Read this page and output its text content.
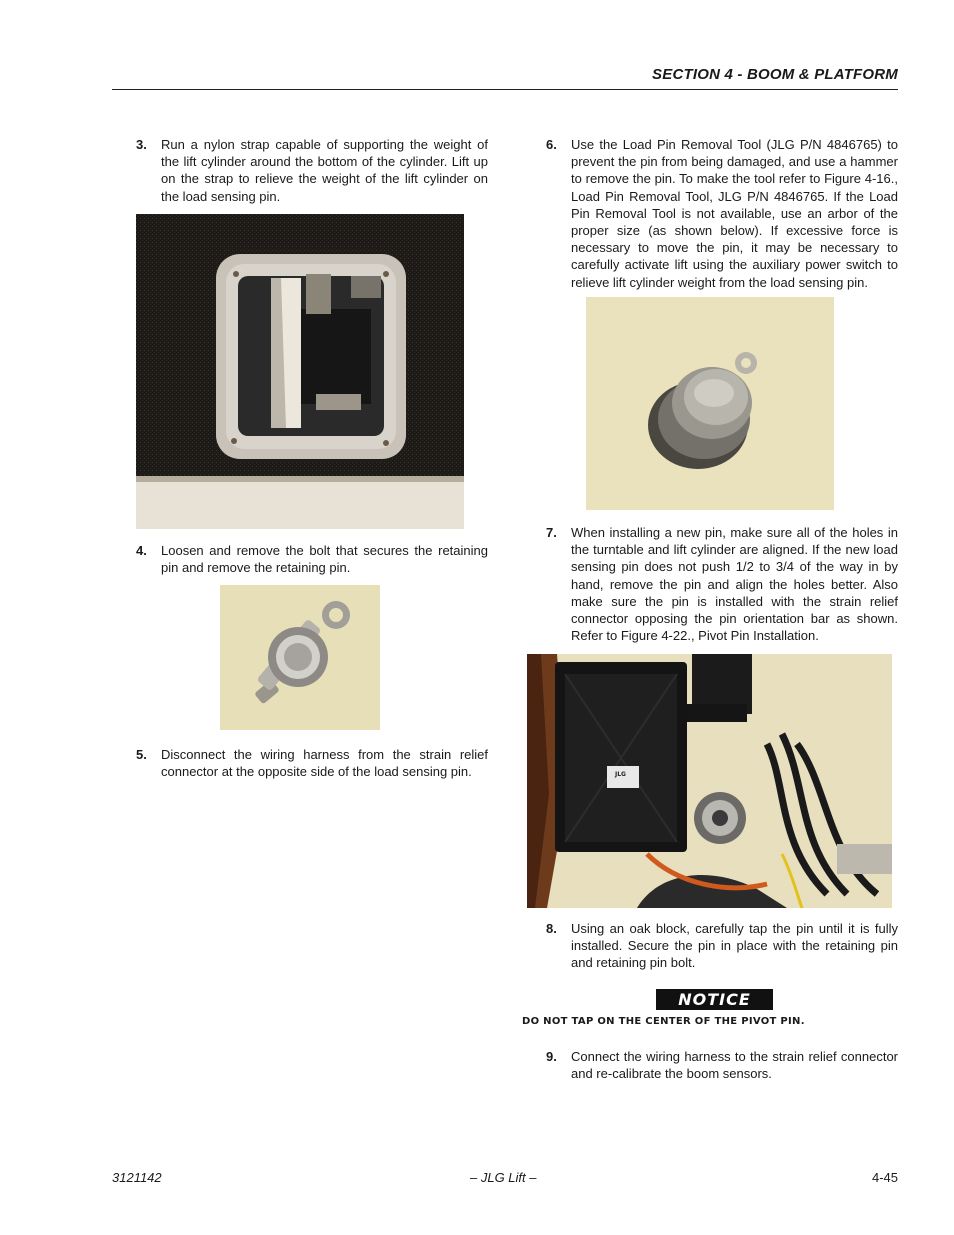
SECTION 4 - BOOM & PLATFORM
3.	Run a nylon strap capable of supporting the weight of the lift cylinder around the bottom of the cylinder. Lift up on the strap to relieve the weight of the lift cylinder on the load sensing pin.
4.	Loosen and remove the bolt that secures the retaining pin and remove the retaining pin.
5.	Disconnect the wiring harness from the strain relief connector at the opposite side of the load sensing pin.
6.	Use the Load Pin Removal Tool (JLG P/N 4846765) to prevent the pin from being damaged, and use a hammer to remove the pin. To make the tool refer to Figure 4-16., Load Pin Removal Tool, JLG P/N 4846765. If the Load Pin Removal Tool is not available, use an arbor of the proper size (as shown below). If excessive force is necessary to move the pin, it may be necessary to carefully activate lift using the auxiliary power switch to relieve lift cylinder weight from the load sensing pin.
7.	When installing a new pin, make sure all of the holes in the turntable and lift cylinder are aligned. If the new load sensing pin does not push 1/2 to 3/4 of the way in by hand, remove the pin and align the holes better. Also make sure the pin is installed with the strain relief connector opposing the pin orientation bar as shown. Refer to Figure 4-22., Pivot Pin Installation.
JLG
8.	Using an oak block, carefully tap the pin until it is fully installed. Secure the pin in place with the retaining pin and retaining pin bolt.
NOTICE
DO NOT TAP ON THE CENTER OF THE PIVOT PIN.
9.	Connect the wiring harness to the strain relief connector and re-calibrate the boom sensors.
3121142	– JLG Lift –	4-45
